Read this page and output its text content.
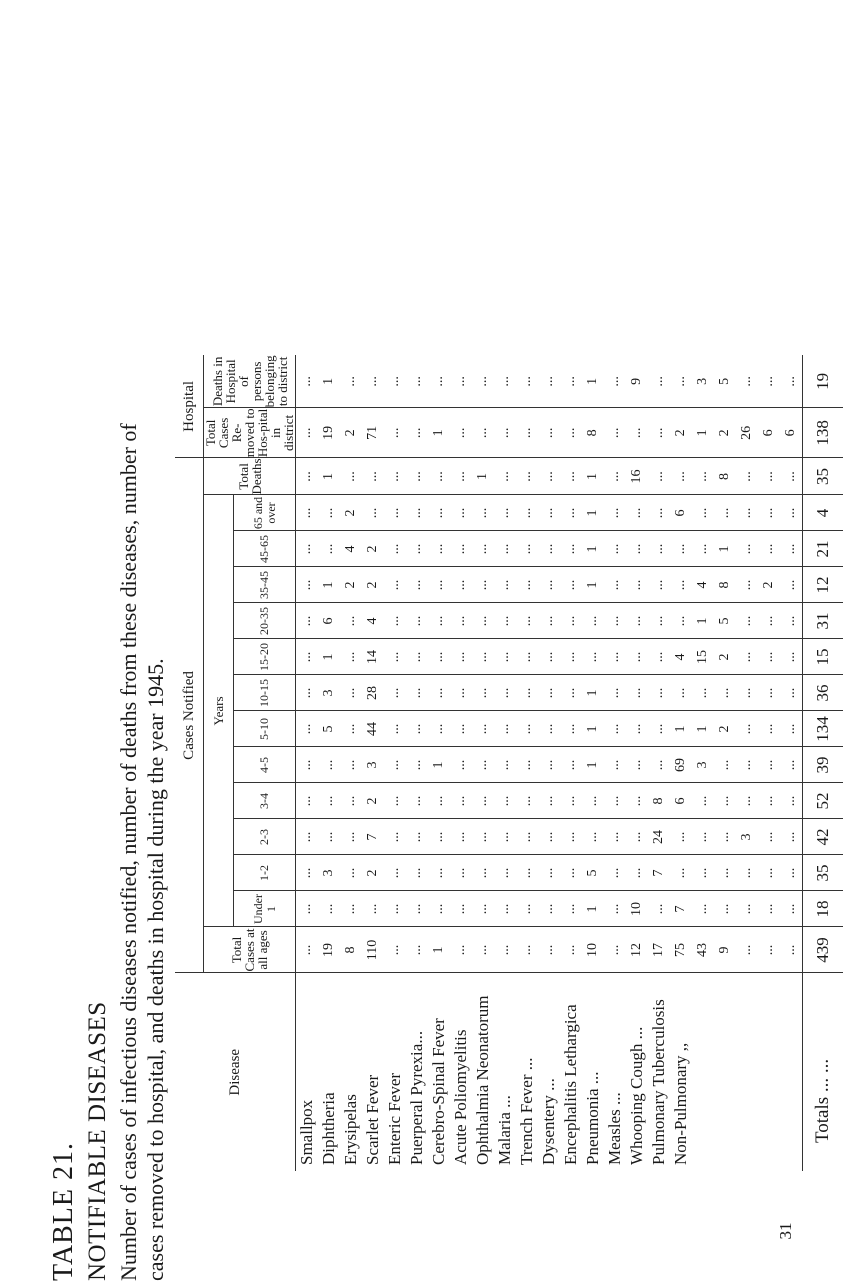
TABLE 21. NOTIFIABLE DISEASES Number of cases of infectious diseases notified, number of deaths from these diseases, number of cases removed to hospital, and deaths in hospital during the year 1945.	Disease	Cases Notified														Hospital	
	Total Cases at all ages	Years												Total Deaths	Total Cases Re-moved to Hos-pital in district	Deaths in Hospital of persons belonging to district
		Under 1	1-2	2-3	3-4	4-5	5-10	10-15	15-20	20-35	35-45	45-65	65 and over			
Smallpox	...	...	...	...	...	...	...	...	...	...	...	...	...	...	...	...
Diphtheria	19	...	3	...	...	...	5	3	1	6	1	...	...	1	19	1
Erysipelas	8	...	...	...	...	...	...	...	...	...	2	4	2	...	2	...
Scarlet Fever	110	...	2	7	2	3	44	28	14	4	2	2	...	...	71	...
Enteric Fever	...	...	...	...	...	...	...	...	...	...	...	...	...	...	...	...
Puerperal Pyrexia...	...	...	...	...	...	...	...	...	...	...	...	...	...	...	...	...
Cerebro-Spinal Fever	1	...	...	...	...	1	...	...	...	...	...	...	...	...	1	...
Acute Poliomyelitis	...	...	...	...	...	...	...	...	...	...	...	...	...	...	...	...
Ophthalmia Neonatorum	...	...	...	...	...	...	...	...	...	...	...	...	...	1	...	...
Malaria ...	...	...	...	...	...	...	...	...	...	...	...	...	...	...	...	...
Trench Fever ...	...	...	...	...	...	...	...	...	...	...	...	...	...	...	...	...
Dysentery ...	...	...	...	...	...	...	...	...	...	...	...	...	...	...	...	...
Encephalitis Lethargica	...	...	...	...	...	...	...	...	...	...	...	...	...	...	...	...
Pneumonia ...	10	1	5	...	...	1	1	1	...	...	1	1	1	1	8	1
Measles ...	...	...	...	...	...	...	...	...	...	...	...	...	...	...	...	...
Whooping Cough ...	12	10	...	...	...	...	...	...	...	...	...	...	...	16	...	9
Pulmonary Tuberculosis	17	...	7	24	8	...	...	...	...	...	...	...	...	...	...	...
Non-Pulmonary ,,	75	7	...	...	6	69	1	...	4	...	...	...	6	...	2	...
	43	...	...	...	...	3	1	...	15	1	4	...	...	...	1	3
	9	...	...	...	...	...	2	...	2	5	8	1	...	8	2	5
	...	...	...	3	...	...	...	...	...	...	...	...	...	...	26	...
	...	...	...	...	...	...	...	...	...	...	2	...	...	...	6	...
	...	...	...	...	...	...	...	...	...	...	...	...	...	...	6	...
Totals ... ...	439	18	35	42	52	39	134	36	15	31	12	21	4	35	138	19
31
